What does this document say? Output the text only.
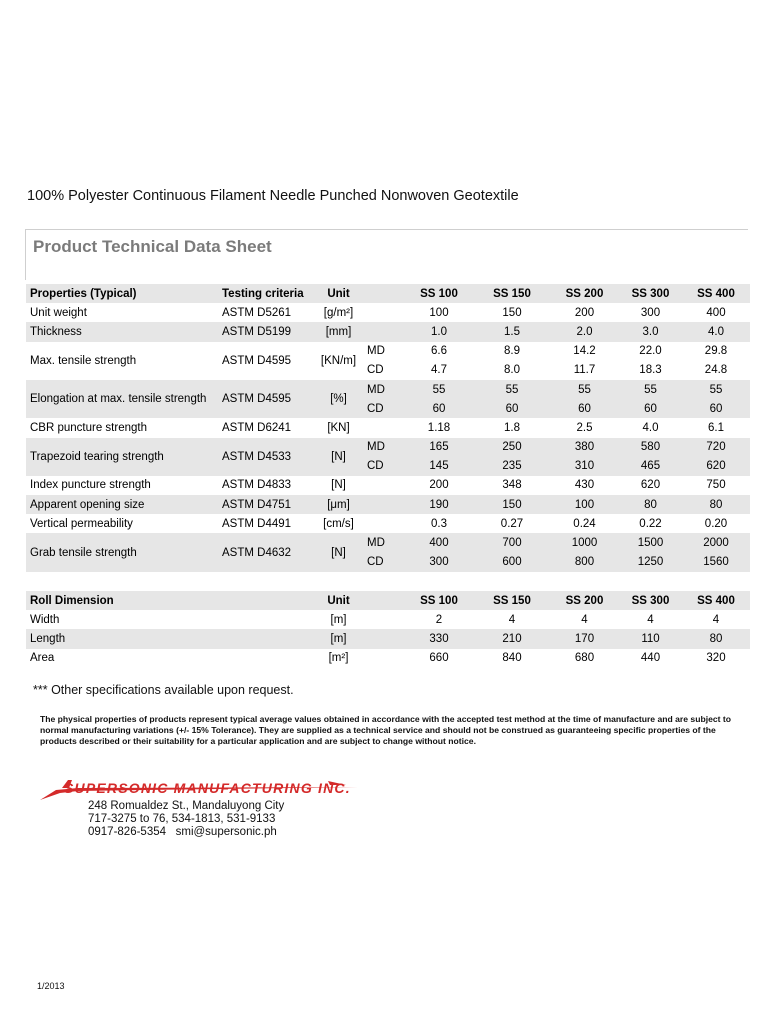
100% Polyester Continuous Filament Needle Punched Nonwoven Geotextile
Product Technical Data Sheet
Properties (Typical)	Testing criteria	Unit		SS 100	SS 150	SS 200	SS 300	SS 400
Unit weight	ASTM D5261	[g/m²]		100	150	200	300	400
Thickness	ASTM D5199	[mm]		1.0	1.5	2.0	3.0	4.0
Max. tensile strength	ASTM D4595	[KN/m]	MD	6.6	8.9	14.2	22.0	29.8
			CD	4.7	8.0	11.7	18.3	24.8
Elongation at max. tensile strength	ASTM D4595	[%]	MD	55	55	55	55	55
			CD	60	60	60	60	60
CBR puncture strength	ASTM D6241	[KN]		1.18	1.8	2.5	4.0	6.1
Trapezoid tearing strength	ASTM D4533	[N]	MD	165	250	380	580	720
			CD	145	235	310	465	620
Index puncture strength	ASTM D4833	[N]		200	348	430	620	750
Apparent opening size	ASTM D4751	[μm]		190	150	100	80	80
Vertical permeability	ASTM D4491	[cm/s]		0.3	0.27	0.24	0.22	0.20
Grab tensile strength	ASTM D4632	[N]	MD	400	700	1000	1500	2000
			CD	300	600	800	1250	1560

Roll Dimension		Unit		SS 100	SS 150	SS 200	SS 300	SS 400
Width		[m]		2	4	4	4	4
Length		[m]		330	210	170	110	80
Area		[m²]		660	840	680	440	320
*** Other specifications available upon request.
The physical properties of products represent typical average values obtained in accordance with the accepted test method at the time of manufacture and are subject to normal manufacturing variations (+/- 15% Tolerance). They are supplied as a technical service and should not be construed as guaranteeing specific properties of the products described or their suitability for a particular application and are subject to change without notice.
SUPERSONIC MANUFACTURING INC.
248 Romualdez St., Mandaluyong City
717-3275 to 76, 534-1813, 531-9133
0917-826-5354 smi@supersonic.ph
1/2013
